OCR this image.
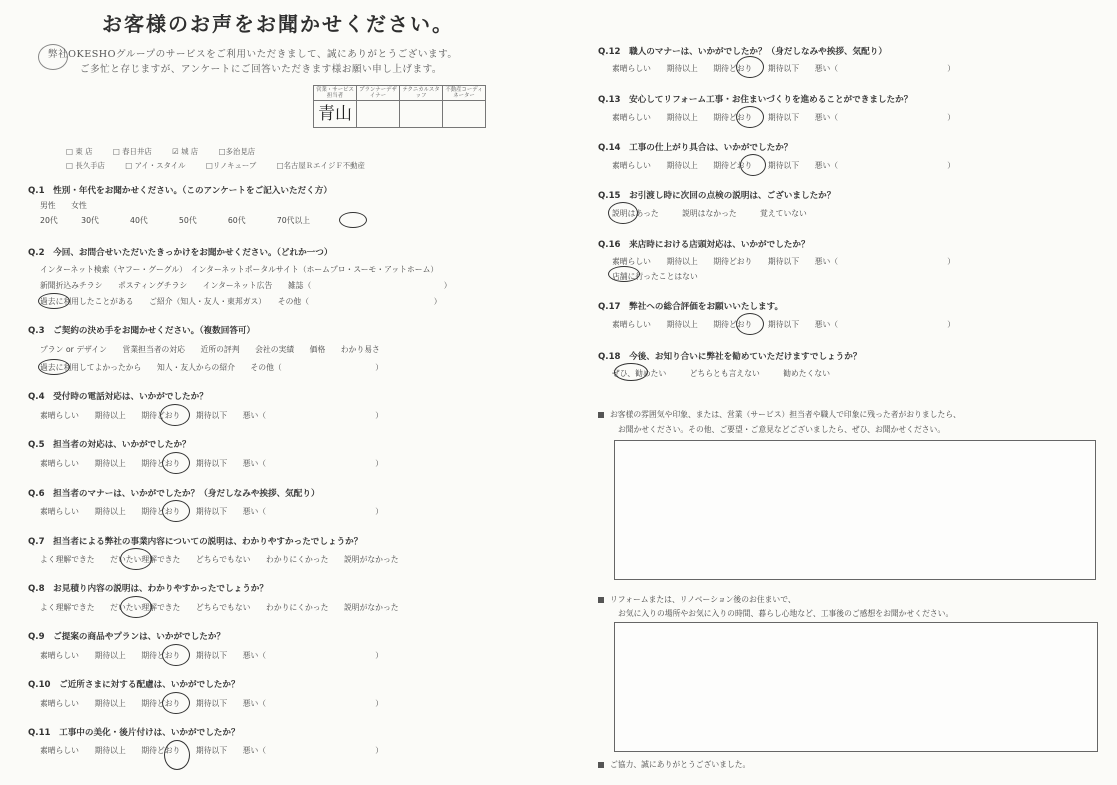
お客様のお声をお聞かせください。
弊社OKESHOグループのサービスをご利用いただきまして、誠にありがとうございます。
ご多忙と存じますが、アンケートにご回答いただきます様お願い申し上げます。
営業・サービス担当者	プランナーデザイナー	テクニカルスタッフ	不動産コーディネーター
青山			
□ 東 店	□ 春日井店	☑ 城 店	□多治見店
□ 長久手店	□ アイ・スタイル	□リノキューブ	□名古屋ＲエイジＦ不動産
Q.1　性別・年代をお聞かせください。（このアンケートをご記入いただく方）
男性　　女性
20代　　　30代　　　　40代　　　　50代　　　　60代　　　　70代以上
Q.2　今回、お問合せいただいたきっかけをお聞かせください。（どれか一つ）
インターネット検索（ヤフー・グーグル）　インターネットポータルサイト（ホームプロ・スーモ・アットホーム）
新聞折込みチラシ　　ポスティングチラシ　　インターネット広告　　雑誌（　　　　　　　　　　　　　　　　　）
過去に利用したことがある　　ご紹介（知人・友人・東邦ガス）　　その他（　　　　　　　　　　　　　　　　）
Q.3　ご契約の決め手をお聞かせください。（複数回答可）
プラン or デザイン　　営業担当者の対応　　近所の評判　　会社の実績　　価格　　わかり易さ
過去に利用してよかったから　　知人・友人からの紹介　　その他（　　　　　　　　　　　　）
Q.4　受付時の電話対応は、いかがでしたか？
素晴らしい　　期待以上　　期待どおり　　期待以下　　悪い（　　　　　　　　　　　　　　）
Q.5　担当者の対応は、いかがでしたか？
素晴らしい　　期待以上　　期待どおり　　期待以下　　悪い（　　　　　　　　　　　　　　）
Q.6　担当者のマナーは、いかがでしたか？（身だしなみや挨拶、気配り）
素晴らしい　　期待以上　　期待どおり　　期待以下　　悪い（　　　　　　　　　　　　　　）
Q.7　担当者による弊社の事業内容についての説明は、わかりやすかったでしょうか？
よく理解できた　　だいたい理解できた　　どちらでもない　　わかりにくかった　　説明がなかった
Q.8　お見積り内容の説明は、わかりやすかったでしょうか？
よく理解できた　　だいたい理解できた　　どちらでもない　　わかりにくかった　　説明がなかった
Q.9　ご提案の商品やプランは、いかがでしたか？
素晴らしい　　期待以上　　期待どおり　　期待以下　　悪い（　　　　　　　　　　　　　　）
Q.10　ご近所さまに対する配慮は、いかがでしたか？
素晴らしい　　期待以上　　期待どおり　　期待以下　　悪い（　　　　　　　　　　　　　　）
Q.11　工事中の美化・後片付けは、いかがでしたか？
素晴らしい　　期待以上　　期待どおり　　期待以下　　悪い（　　　　　　　　　　　　　　）
Q.12　職人のマナーは、いかがでしたか？（身だしなみや挨拶、気配り）
素晴らしい　　期待以上　　期待どおり　　期待以下　　悪い（　　　　　　　　　　　　　　）
Q.13　安心してリフォーム工事・お住まいづくりを進めることができましたか？
素晴らしい　　期待以上　　期待どおり　　期待以下　　悪い（　　　　　　　　　　　　　　）
Q.14　工事の仕上がり具合は、いかがでしたか？
素晴らしい　　期待以上　　期待どおり　　期待以下　　悪い（　　　　　　　　　　　　　　）
Q.15　お引渡し時に次回の点検の説明は、ございましたか？
説明はあった　　　説明はなかった　　　覚えていない
Q.16　来店時における店頭対応は、いかがでしたか？
素晴らしい　　期待以上　　期待どおり　　期待以下　　悪い（　　　　　　　　　　　　　　）
店舗に行ったことはない
Q.17　弊社への総合評価をお願いいたします。
素晴らしい　　期待以上　　期待どおり　　期待以下　　悪い（　　　　　　　　　　　　　　）
Q.18　今後、お知り合いに弊社を勧めていただけますでしょうか？
ぜひ、勧めたい　　　どちらとも言えない　　　勧めたくない
お客様の雰囲気や印象、または、営業（サービス）担当者や職人で印象に残った者がおりましたら、
お聞かせください。その他、ご要望・ご意見などございましたら、ぜひ、お聞かせください。
リフォームまたは、リノベーション後のお住まいで、
お気に入りの場所やお気に入りの時間、暮らし心地など、工事後のご感想をお聞かせください。
ご協力、誠にありがとうございました。
